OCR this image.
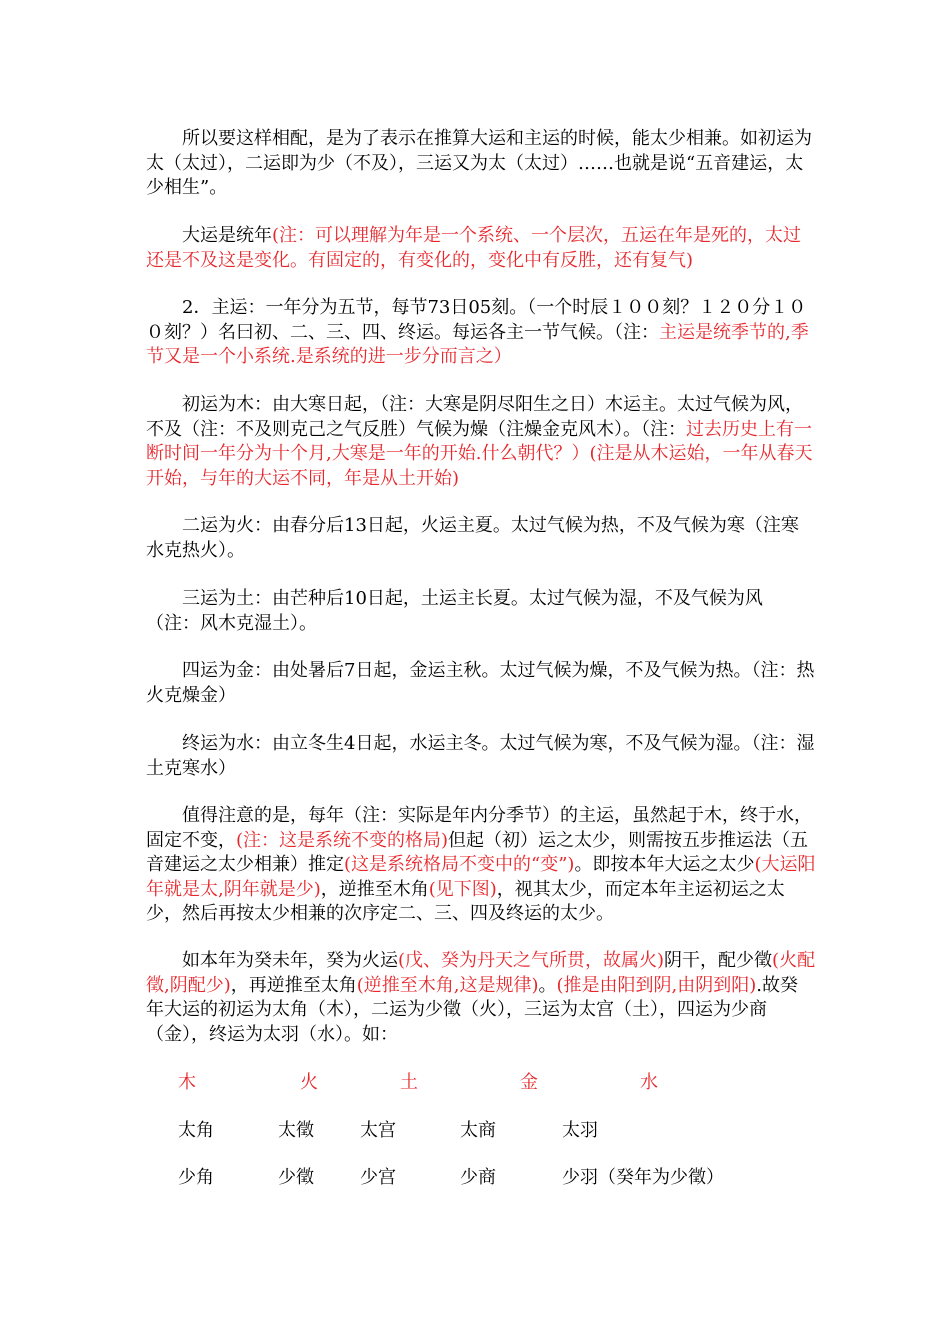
所以要这样相配，是为了表示在推算大运和主运的时候，能太少相兼。如初运为太（太过），二运即为少（不及），三运又为太（太过）……也就是说“五音建运，太少相生”。

大运是统年(注：可以理解为年是一个系统、一个层次，五运在年是死的，太过还是不及这是变化。有固定的，有变化的，变化中有反胜，还有复气)

2．主运：一年分为五节，每节73日05刻。（一个时辰１００刻？１２０分１００刻？）名曰初、二、三、四、终运。每运各主一节气候。（注：主运是统季节的,季节又是一个小系统.是系统的进一步分而言之）

初运为木：由大寒日起，（注：大寒是阴尽阳生之日）木运主。太过气候为风，不及（注：不及则克己之气反胜）气候为燥（注燥金克风木）。（注：过去历史上有一断时间一年分为十个月,大寒是一年的开始.什么朝代？）(注是从木运始，一年从春天开始，与年的大运不同，年是从土开始)

二运为火：由春分后13日起，火运主夏。太过气候为热，不及气候为寒（注寒水克热火）。

三运为土：由芒种后10日起，土运主长夏。太过气候为湿，不及气候为风（注：风木克湿土）。

四运为金：由处暑后7日起，金运主秋。太过气候为燥，不及气候为热。（注：热火克燥金）

终运为水：由立冬生4日起，水运主冬。太过气候为寒，不及气候为湿。（注：湿土克寒水）

值得注意的是，每年（注：实际是年内分季节）的主运，虽然起于木，终于水，固定不变，(注：这是系统不变的格局)但起（初）运之太少，则需按五步推运法（五音建运之太少相兼）推定(这是系统格局不变中的“变”)。即按本年大运之太少(大运阳年就是太,阴年就是少)，逆推至木角(见下图)，视其太少，而定本年主运初运之太少，然后再按太少相兼的次序定二、三、四及终运的太少。

如本年为癸未年，癸为火运(戊、癸为丹天之气所贯，故属火)阴干，配少徵(火配徵,阴配少)，再逆推至太角(逆推至木角,这是规律)。(推是由阳到阴,由阴到阳).故癸年大运的初运为太角（木），二运为少徵（火），三运为太宫（土），四运为少商（金），终运为太羽（水）。如：

木	火	土	金	水
太角	太徵	太宫	太商	太羽
少角	少徵	少宫	少商	少羽（癸年为少徵）
